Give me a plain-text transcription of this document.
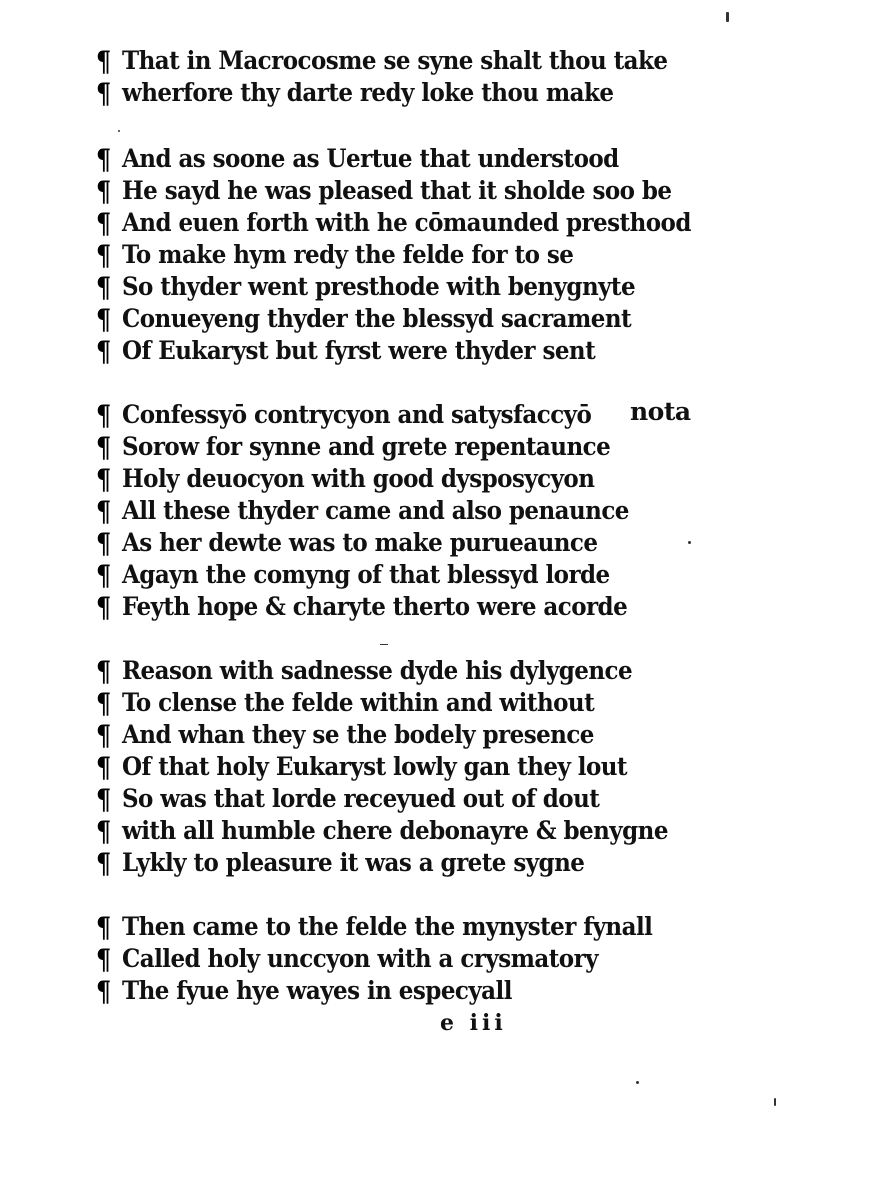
¶ That in Macrocosme se syne shalt thou take
¶ wherfore thy darte redy loke thou make
¶ And as soone as Uertue that understood
¶ He sayd he was pleased that it sholde soo be
¶ And euen forth with he cōmaunded presthood
¶ To make hym redy the felde for to se
¶ So thyder went presthode with benygnyte
¶ Conueyeng thyder the blessyd sacrament
¶ Of Eukaryst but fyrst were thyder sent
¶ Confessyō contrycyon and satysfaccyō
¶ Sorow for synne and grete repentaunce
¶ Holy deuocyon with good dysposycyon
¶ All these thyder came and also penaunce
¶ As her dewte was to make purueaunce
¶ Agayn the comyng of that blessyd lorde
¶ Feyth hope & charyte therto were acorde
¶ Reason with sadnesse dyde his dylygence
¶ To clense the felde within and without
¶ And whan they se the bodely presence
¶ Of that holy Eukaryst lowly gan they lout
¶ So was that lorde receyued out of dout
¶ with all humble chere debonayre & benygne
¶ Lykly to pleasure it was a grete sygne
¶ Then came to the felde the mynyster fynall
¶ Called holy unccyon with a crysmatory
¶ The fyue hye wayes in especyall
nota
e iii
